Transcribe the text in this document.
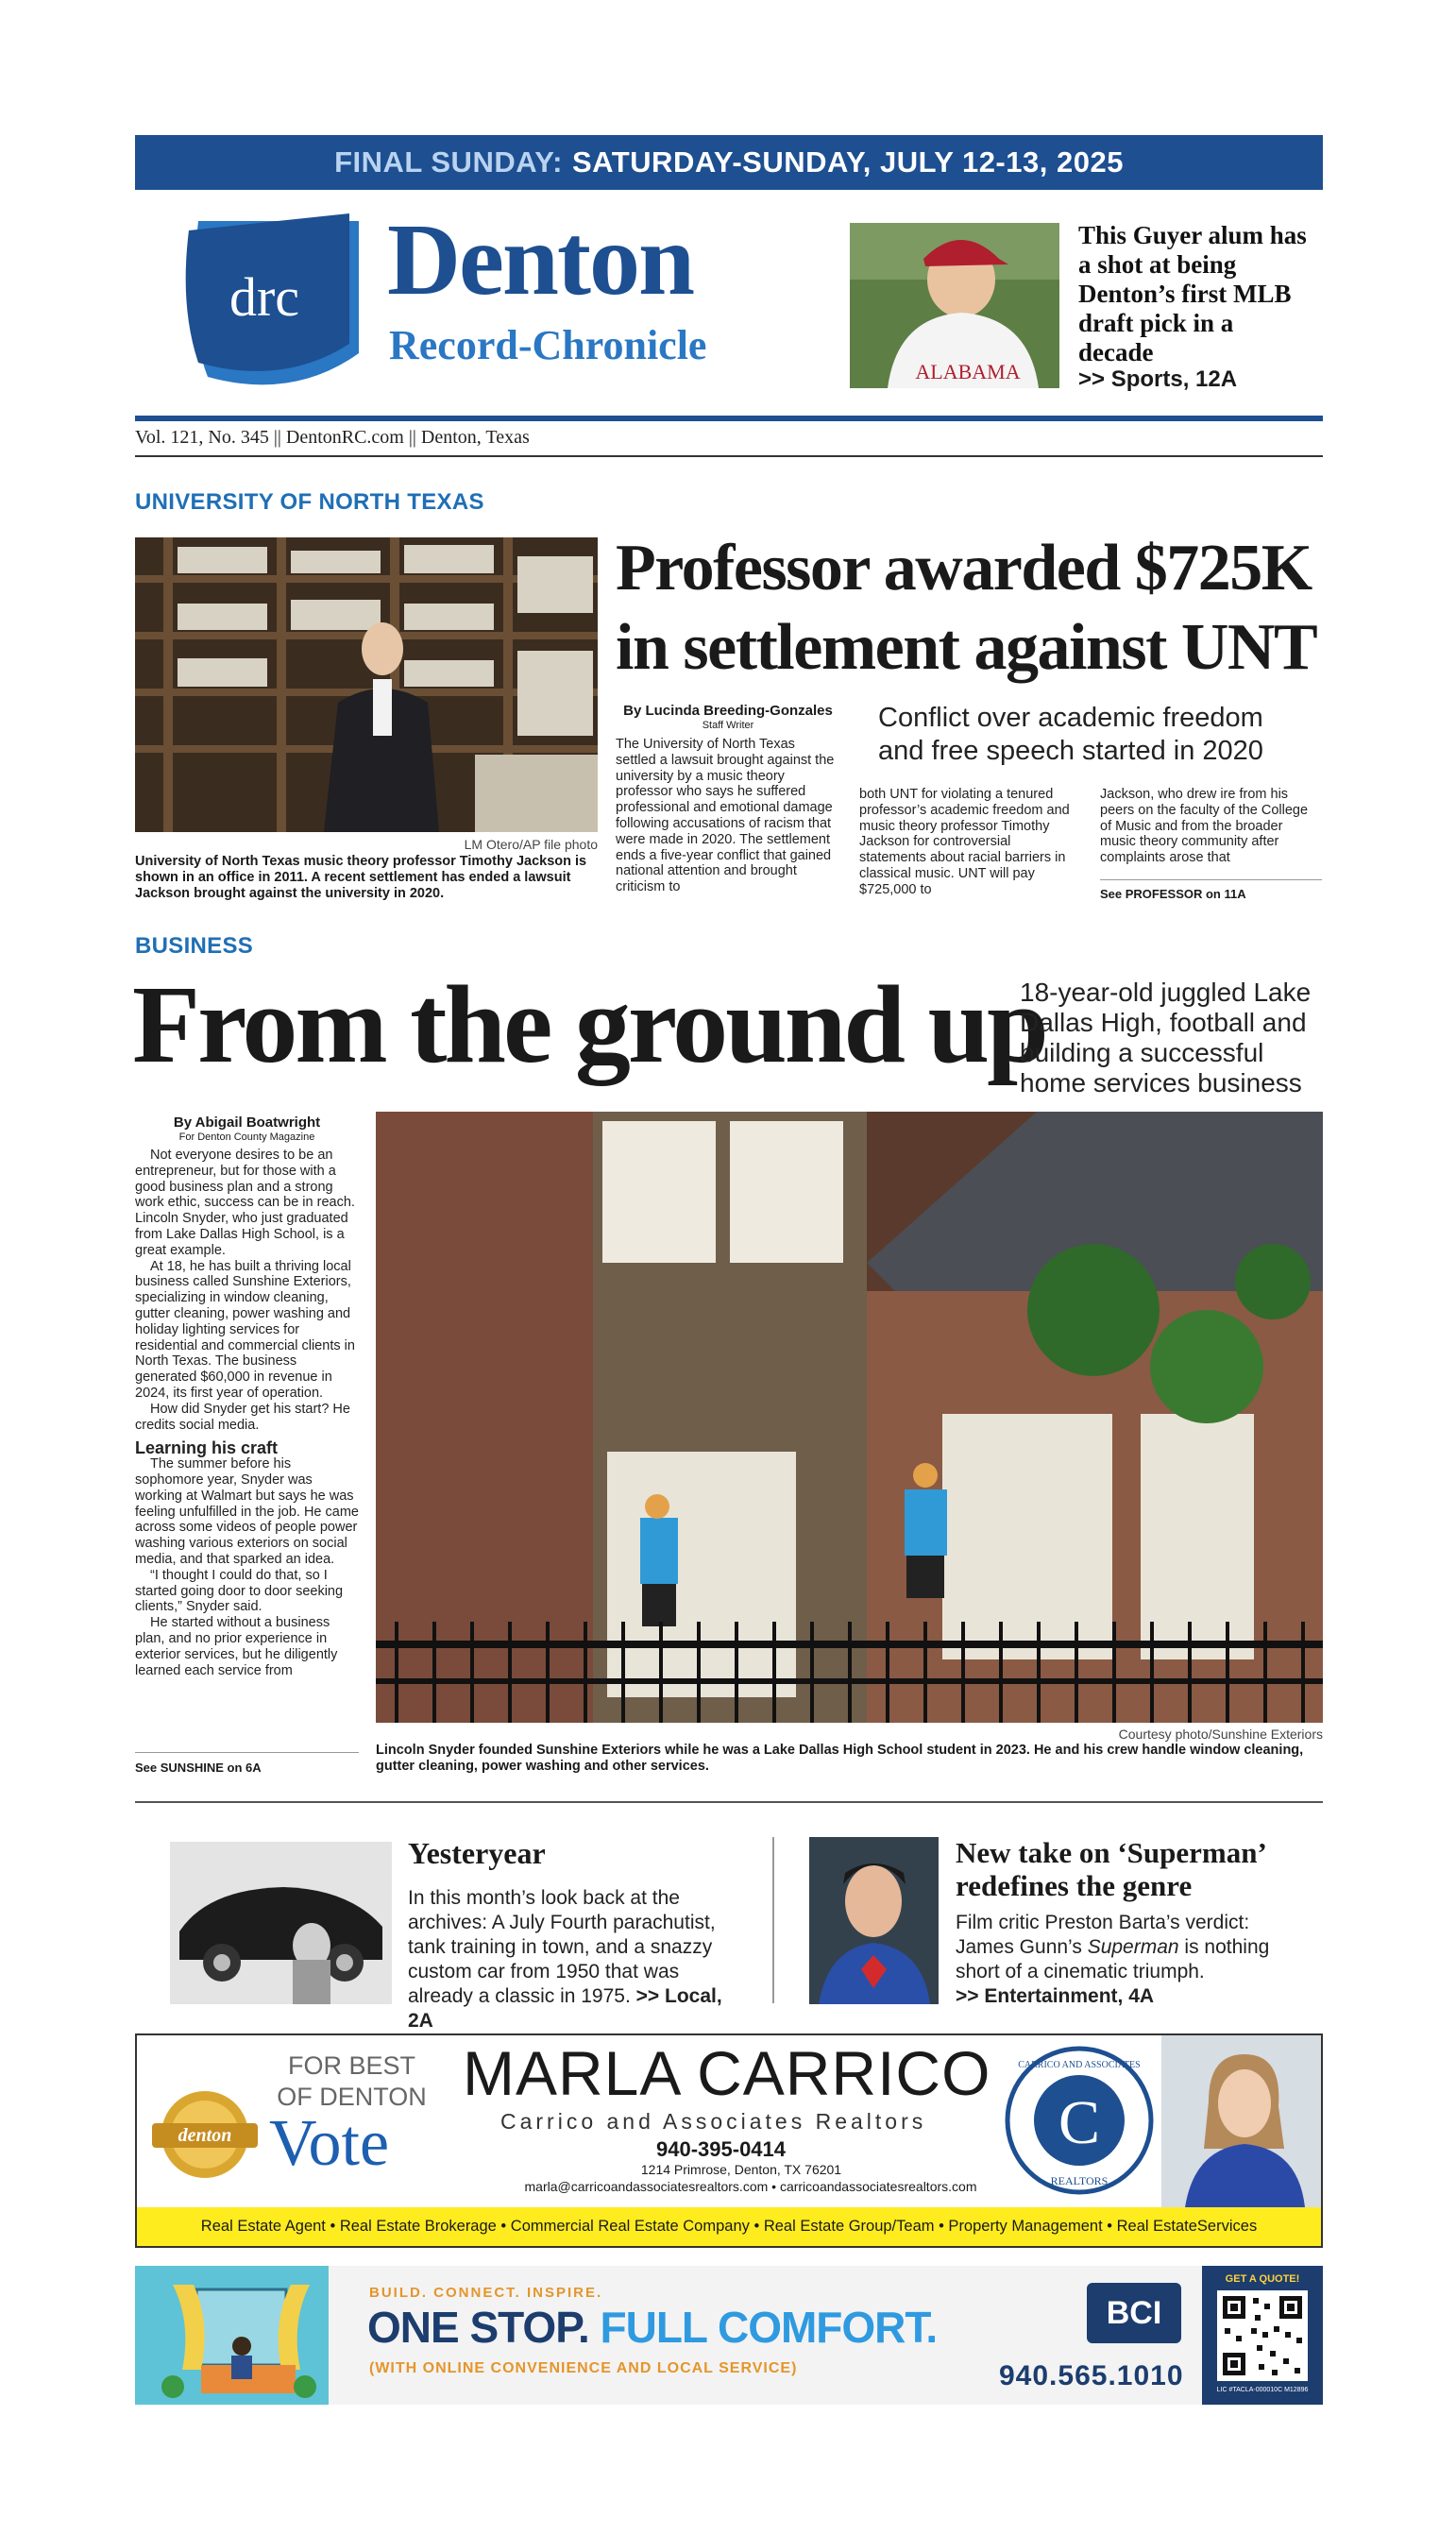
FINAL SUNDAY: SATURDAY-SUNDAY, JULY 12-13, 2025
drc Denton
Record-Chronicle
ALABAMA
This Guyer alum has a shot at being Denton’s first MLB draft pick in a decade
>> Sports, 12A
Vol. 121, No. 345 || DentonRC.com || Denton, Texas
UNIVERSITY OF NORTH TEXAS
LM Otero/AP file photo
University of North Texas music theory professor Timothy Jackson is shown in an office in 2011. A recent settlement has ended a lawsuit Jackson brought against the university in 2020.
Professor awarded $725K in settlement against UNT
By Lucinda Breeding-Gonzales
Staff Writer	Conflict over academic freedom and free speech started in 2020
The University of North Texas settled a lawsuit brought against the university by a music theory professor who says he suffered professional and emotional damage following accusations of racism that were made in 2020. The settlement ends a five-year conflict that gained national attention and brought criticism to
both UNT for violating a tenured professor’s academic freedom and music theory professor Timothy Jackson for controversial statements about racial barriers in classical music. UNT will pay $725,000 to
Jackson, who drew ire from his peers on the faculty of the College of Music and from the broader music theory community after complaints arose that
See PROFESSOR on 11A
BUSINESS
From the ground up
18-year-old juggled Lake Dallas High, football and building a successful home services business
By Abigail Boatwright
For Denton County Magazine

Not everyone desires to be an entrepreneur, but for those with a good business plan and a strong work ethic, success can be in reach. Lincoln Snyder, who just graduated from Lake Dallas High School, is a great example.

At 18, he has built a thriving local business called Sunshine Exteriors, specializing in window cleaning, gutter cleaning, power washing and holiday lighting services for residential and commercial clients in North Texas. The business generated $60,000 in revenue in 2024, its first year of operation.

How did Snyder get his start? He credits social media.

Learning his craft

The summer before his sophomore year, Snyder was working at Walmart but says he was feeling unfulfilled in the job. He came across some videos of people power washing various exteriors on social media, and that sparked an idea.

“I thought I could do that, so I started going door to door seeking clients,” Snyder said.

He started without a business plan, and no prior experience in exterior services, but he diligently learned each service from

See SUNSHINE on 6A
Courtesy photo/Sunshine Exteriors
Lincoln Snyder founded Sunshine Exteriors while he was a Lake Dallas High School student in 2023. He and his crew handle window cleaning, gutter cleaning, power washing and other services.
Yesteryear
In this month’s look back at the archives: A July Fourth parachutist, tank training in town, and a snazzy custom car from 1950 that was already a classic in 1975. >> Local, 2A
New take on ‘Superman’ redefines the genre
Film critic Preston Barta’s verdict: James Gunn’s Superman is nothing short of a cinematic triumph.
>> Entertainment, 4A
denton
FOR BEST OF DENTON
Vote
MARLA CARRICO
Carrico and Associates Realtors
940-395-0414
1214 Primrose, Denton, TX 76201
marla@carricoandassociatesrealtors.com • carricoandassociatesrealtors.com
C
CARRICO AND ASSOCIATES
REALTORS
Real Estate Agent • Real Estate Brokerage • Commercial Real Estate Company • Real Estate Group/Team • Property Management • Real EstateServices
BUILD. CONNECT. INSPIRE.
ONE STOP. FULL COMFORT.
(WITH ONLINE CONVENIENCE AND LOCAL SERVICE)
BCI
940.565.1010
GET A QUOTE!
LIC #TACLA-000010C M12896
